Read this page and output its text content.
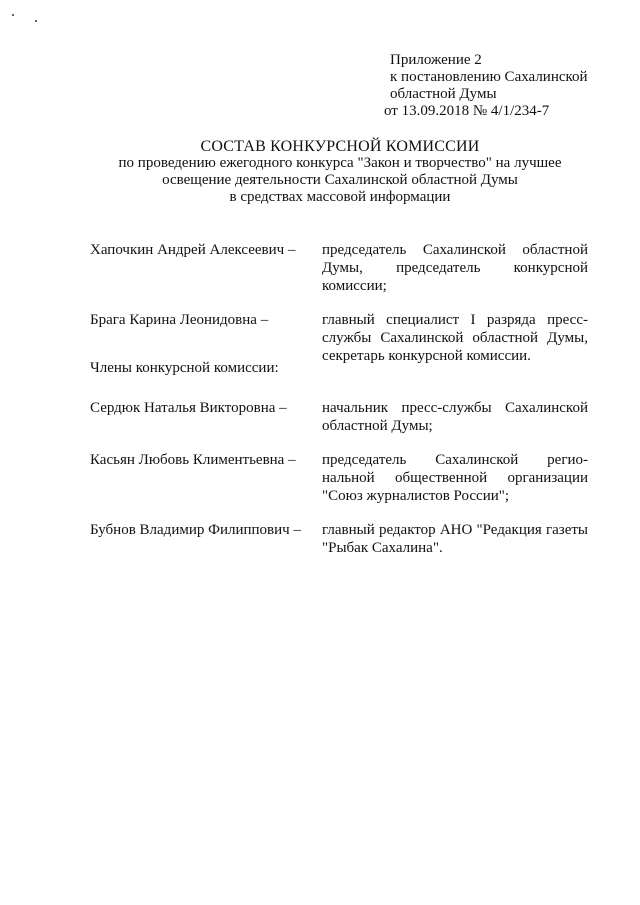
Приложение 2
к постановлению Сахалинской
областной Думы
от 13.09.2018 № 4/1/234-7
СОСТАВ КОНКУРСНОЙ КОМИССИИ
по проведению ежегодного конкурса "Закон и творчество" на лучшее
освещение деятельности Сахалинской областной Думы
в средствах массовой информации
Хапочкин Андрей Алексеевич –	председатель Сахалинской областной Думы, председатель конкурсной комиссии;
Брага Карина Леонидовна –	главный специалист I разряда пресс-службы Сахалинской областной Думы, секретарь конкурсной комиссии.
Члены конкурсной комиссии:
Сердюк Наталья Викторовна –	начальник пресс-службы Сахалинской областной Думы;
Касьян Любовь Климентьевна –	председатель Сахалинской регио-нальной общественной организации "Союз журналистов России";
Бубнов Владимир Филиппович –	главный редактор АНО "Редакция газеты "Рыбак Сахалина".
